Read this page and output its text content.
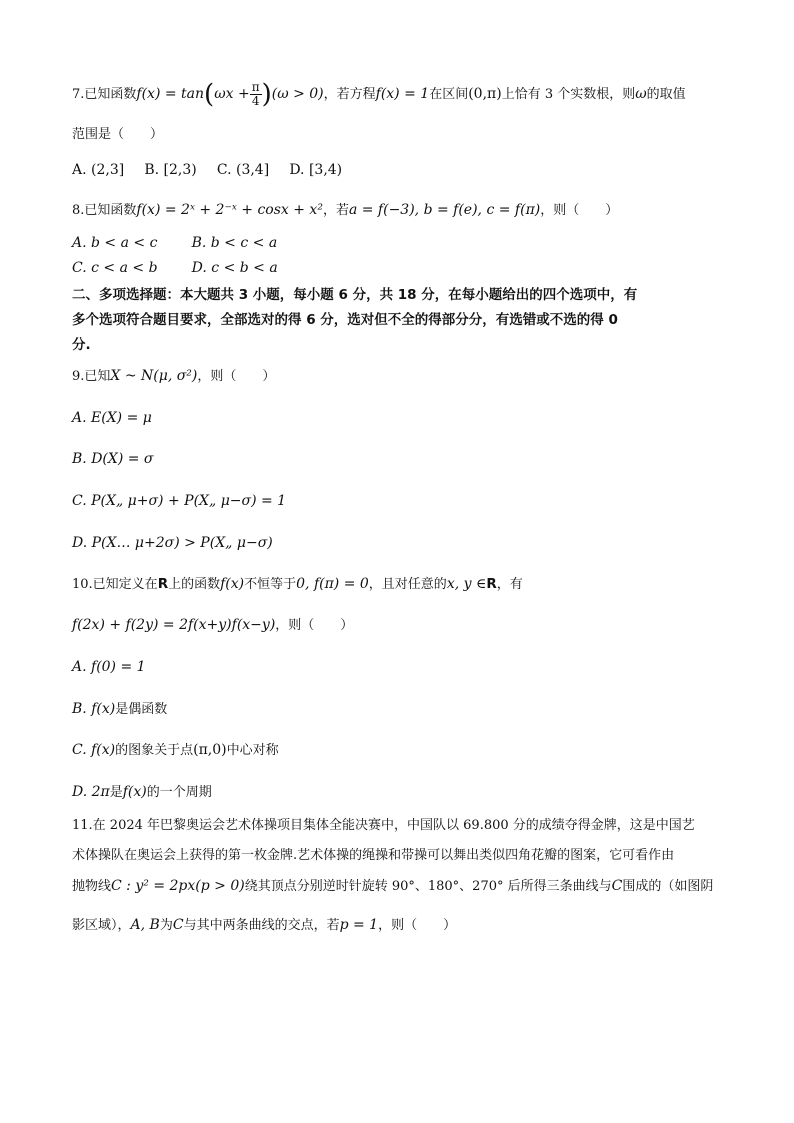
7.已知函数$f(x) = \tan(\omega x + \frac{\pi}{4} )(\omega > 0)$，若方程f(x) = 1在区间(0,π)上恰有 3 个实数根，则ω的取值
范围是（　　）
A. (2,3] B. [2,3) C. (3,4] D. [3,4)
8.已知函数f(x) = 2ˣ + 2⁻ˣ + cosx + x²，若a = f(−3), b = f(e), c = f(π)，则（　　）
A. b < a < c B. b < c < a
C. c < a < b D. c < b < a
二、多项选择题：本大题共 3 小题，每小题 6 分，共 18 分，在每小题给出的四个选项中，有
多个选项符合题目要求，全部选对的得 6 分，选对但不全的得部分分，有选错或不选的得 0
分.
9.已知X ~ N(μ, σ²)，则（　　）
A. E(X) = μ
B. D(X) = σ
C. P(X„ μ+σ) + P(X„ μ−σ) = 1
D. P(X… μ+2σ) > P(X„ μ−σ)
10.已知定义在R上的函数f(x)不恒等于0, f(π) = 0，且对任意的x, y ∈R，有
f(2x) + f(2y) = 2f(x+y)f(x−y)，则（　　）
A. f(0) = 1
B. f(x)是偶函数
C. f(x)的图象关于点(π,0)中心对称
D. 2π是f(x)的一个周期
11.在 2024 年巴黎奥运会艺术体操项目集体全能决赛中，中国队以 69.800 分的成绩夺得金牌，这是中国艺
术体操队在奥运会上获得的第一枚金牌.艺术体操的绳操和带操可以舞出类似四角花瓣的图案，它可看作由
抛物线C : y² = 2px(p > 0)绕其顶点分别逆时针旋转 90°、180°、270° 后所得三条曲线与C围成的（如图阴
影区域），A, B为C与其中两条曲线的交点，若p = 1，则（　　）
